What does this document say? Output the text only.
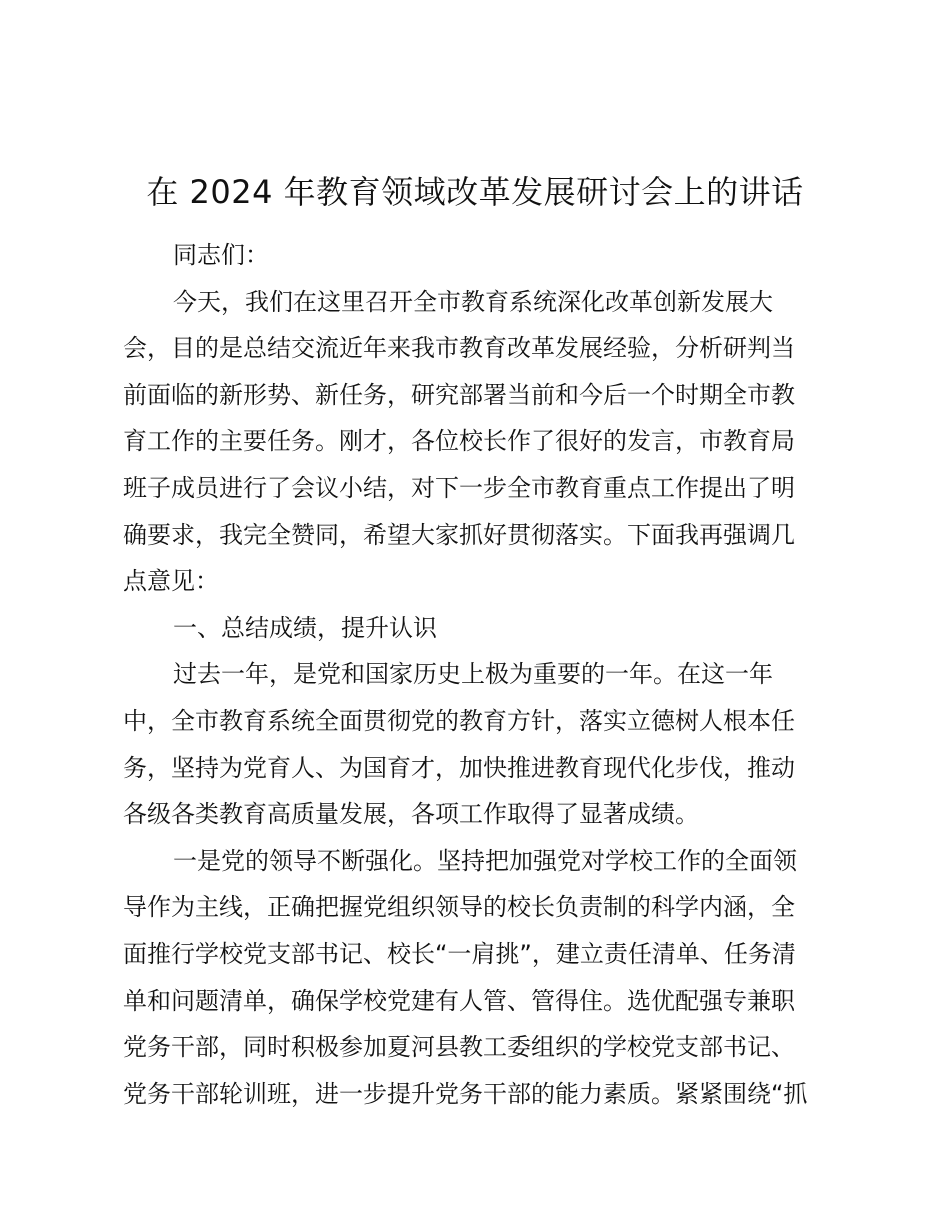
在 2024 年教育领域改革发展研讨会上的讲话
同志们：
今天，我们在这里召开全市教育系统深化改革创新发展大
会，目的是总结交流近年来我市教育改革发展经验，分析研判当
前面临的新形势、新任务，研究部署当前和今后一个时期全市教
育工作的主要任务。刚才，各位校长作了很好的发言，市教育局
班子成员进行了会议小结，对下一步全市教育重点工作提出了明
确要求，我完全赞同，希望大家抓好贯彻落实。下面我再强调几
点意见：
一、总结成绩，提升认识
过去一年，是党和国家历史上极为重要的一年。在这一年
中，全市教育系统全面贯彻党的教育方针，落实立德树人根本任
务，坚持为党育人、为国育才，加快推进教育现代化步伐，推动
各级各类教育高质量发展，各项工作取得了显著成绩。
一是党的领导不断强化。坚持把加强党对学校工作的全面领
导作为主线，正确把握党组织领导的校长负责制的科学内涵，全
面推行学校党支部书记、校长“一肩挑”，建立责任清单、任务清
单和问题清单，确保学校党建有人管、管得住。选优配强专兼职
党务干部，同时积极参加夏河县教工委组织的学校党支部书记、
党务干部轮训班，进一步提升党务干部的能力素质。紧紧围绕“抓
